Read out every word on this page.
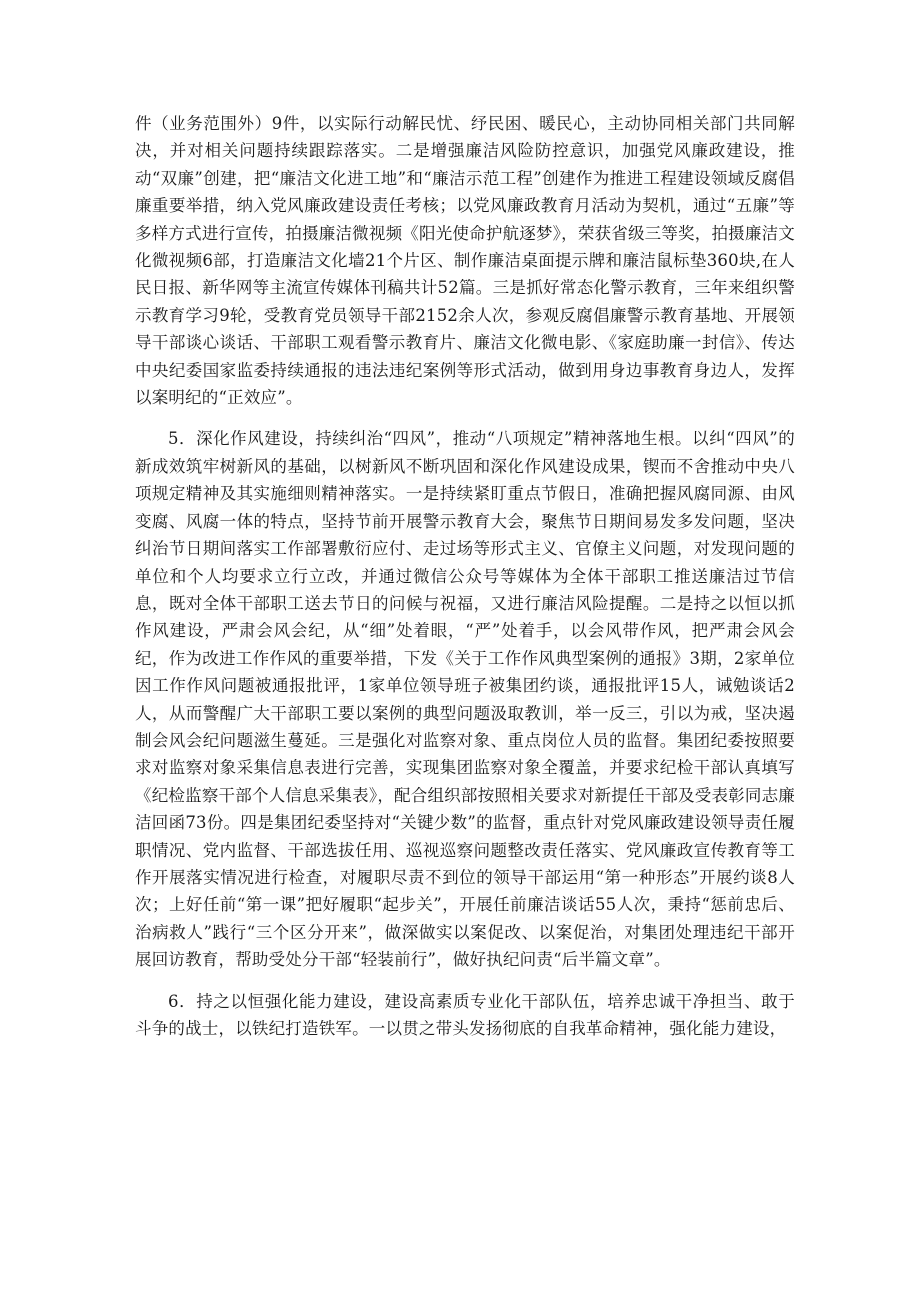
件（业务范围外）9件，以实际行动解民忧、纾民困、暖民心，主动协同相关部门共同解决，并对相关问题持续跟踪落实。二是增强廉洁风险防控意识，加强党风廉政建设，推动“双廉”创建，把“廉洁文化进工地”和“廉洁示范工程”创建作为推进工程建设领域反腐倡廉重要举措，纳入党风廉政建设责任考核；以党风廉政教育月活动为契机，通过“五廉”等多样方式进行宣传，拍摄廉洁微视频《阳光使命护航逐梦》，荣获省级三等奖，拍摄廉洁文化微视频6部，打造廉洁文化墙21个片区、制作廉洁桌面提示牌和廉洁鼠标垫360块,在人民日报、新华网等主流宣传媒体刊稿共计52篇。三是抓好常态化警示教育，三年来组织警示教育学习9轮，受教育党员领导干部2152余人次，参观反腐倡廉警示教育基地、开展领导干部谈心谈话、干部职工观看警示教育片、廉洁文化微电影、《家庭助廉一封信》、传达中央纪委国家监委持续通报的违法违纪案例等形式活动，做到用身边事教育身边人，发挥以案明纪的“正效应”。

5．深化作风建设，持续纠治“四风”，推动“八项规定”精神落地生根。以纠“四风”的新成效筑牢树新风的基础，以树新风不断巩固和深化作风建设成果，锲而不舍推动中央八项规定精神及其实施细则精神落实。一是持续紧盯重点节假日，准确把握风腐同源、由风变腐、风腐一体的特点，坚持节前开展警示教育大会，聚焦节日期间易发多发问题，坚决纠治节日期间落实工作部署敷衍应付、走过场等形式主义、官僚主义问题，对发现问题的单位和个人均要求立行立改，并通过微信公众号等媒体为全体干部职工推送廉洁过节信息，既对全体干部职工送去节日的问候与祝福，又进行廉洁风险提醒。二是持之以恒以抓作风建设，严肃会风会纪，从“细”处着眼，“严”处着手，以会风带作风，把严肃会风会纪，作为改进工作作风的重要举措，下发《关于工作作风典型案例的通报》3期，2家单位因工作作风问题被通报批评，1家单位领导班子被集团约谈，通报批评15人，诫勉谈话2人，从而警醒广大干部职工要以案例的典型问题汲取教训，举一反三，引以为戒，坚决遏制会风会纪问题滋生蔓延。三是强化对监察对象、重点岗位人员的监督。集团纪委按照要求对监察对象采集信息表进行完善，实现集团监察对象全覆盖，并要求纪检干部认真填写《纪检监察干部个人信息采集表》，配合组织部按照相关要求对新提任干部及受表彰同志廉洁回函73份。四是集团纪委坚持对“关键少数”的监督，重点针对党风廉政建设领导责任履职情况、党内监督、干部选拔任用、巡视巡察问题整改责任落实、党风廉政宣传教育等工作开展落实情况进行检查，对履职尽责不到位的领导干部运用“第一种形态”开展约谈8人次；上好任前“第一课”把好履职“起步关”，开展任前廉洁谈话55人次，秉持“惩前忠后、治病救人”践行“三个区分开来”，做深做实以案促改、以案促治，对集团处理违纪干部开展回访教育，帮助受处分干部“轻装前行”，做好执纪问责“后半篇文章”。

6．持之以恒强化能力建设，建设高素质专业化干部队伍，培养忠诚干净担当、敢于斗争的战士，以铁纪打造铁军。一以贯之带头发扬彻底的自我革命精神，强化能力建设，
